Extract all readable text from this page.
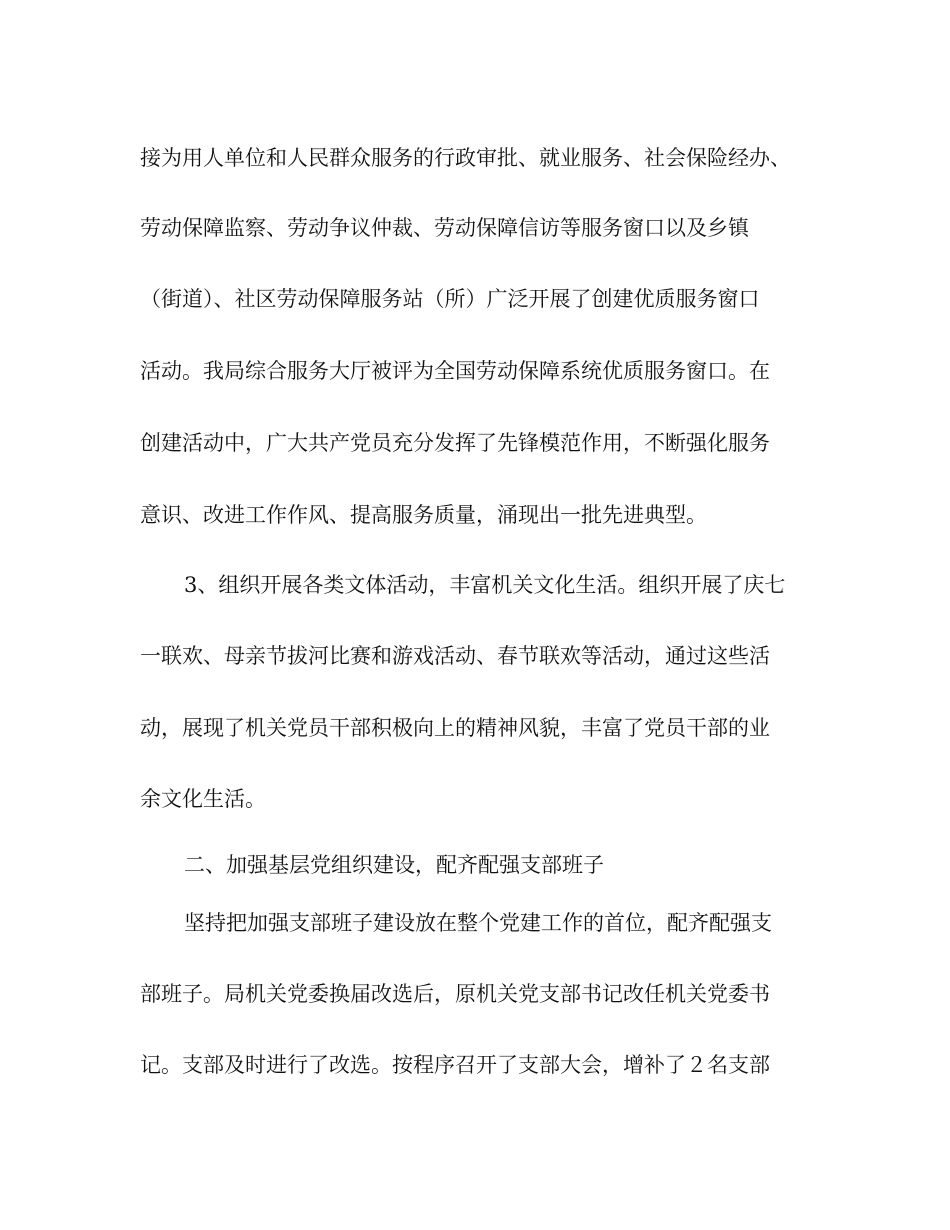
接为用人单位和人民群众服务的行政审批、就业服务、社会保险经办、
劳动保障监察、劳动争议仲裁、劳动保障信访等服务窗口以及乡镇
（街道）、社区劳动保障服务站（所）广泛开展了创建优质服务窗口
活动。我局综合服务大厅被评为全国劳动保障系统优质服务窗口。在
创建活动中，广大共产党员充分发挥了先锋模范作用，不断强化服务
意识、改进工作作风、提高服务质量，涌现出一批先进典型。
3、组织开展各类文体活动，丰富机关文化生活。组织开展了庆七
一联欢、母亲节拔河比赛和游戏活动、春节联欢等活动，通过这些活
动，展现了机关党员干部积极向上的精神风貌，丰富了党员干部的业
余文化生活。
二、加强基层党组织建设，配齐配强支部班子
坚持把加强支部班子建设放在整个党建工作的首位，配齐配强支
部班子。局机关党委换届改选后，原机关党支部书记改任机关党委书
记。支部及时进行了改选。按程序召开了支部大会，增补了２名支部
